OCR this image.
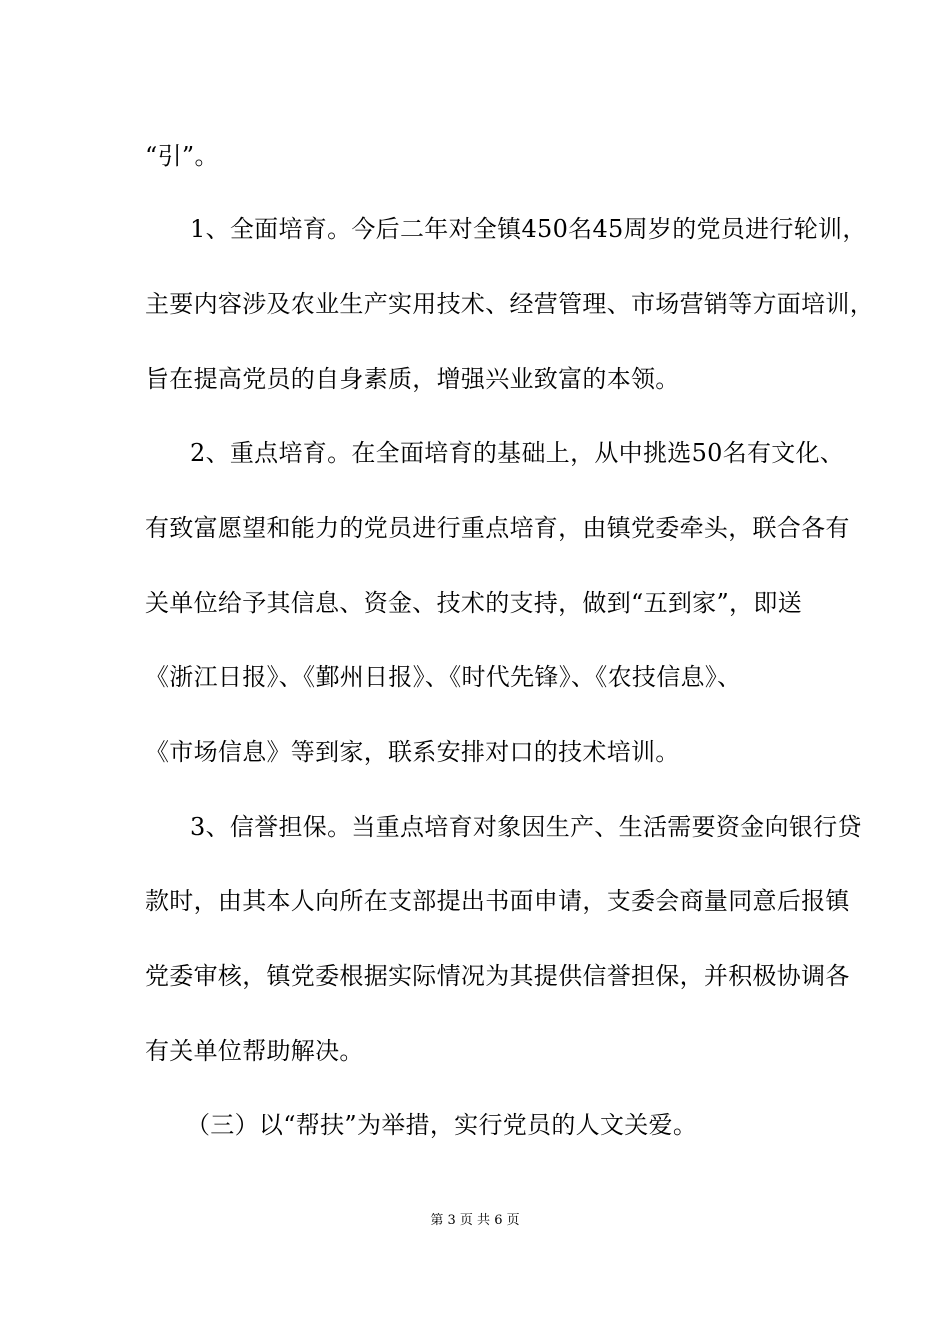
“引”。
1、全面培育。今后二年对全镇450名45周岁的党员进行轮训，
主要内容涉及农业生产实用技术、经营管理、市场营销等方面培训，
旨在提高党员的自身素质，增强兴业致富的本领。
2、重点培育。在全面培育的基础上，从中挑选50名有文化、
有致富愿望和能力的党员进行重点培育，由镇党委牵头，联合各有
关单位给予其信息、资金、技术的支持，做到“五到家”，即送
《浙江日报》、《鄞州日报》、《时代先锋》、《农技信息》、
《市场信息》等到家，联系安排对口的技术培训。
3、信誉担保。当重点培育对象因生产、生活需要资金向银行贷
款时，由其本人向所在支部提出书面申请，支委会商量同意后报镇
党委审核，镇党委根据实际情况为其提供信誉担保，并积极协调各
有关单位帮助解决。
（三）以“帮扶”为举措，实行党员的人文关爱。
第 3 页 共 6 页
